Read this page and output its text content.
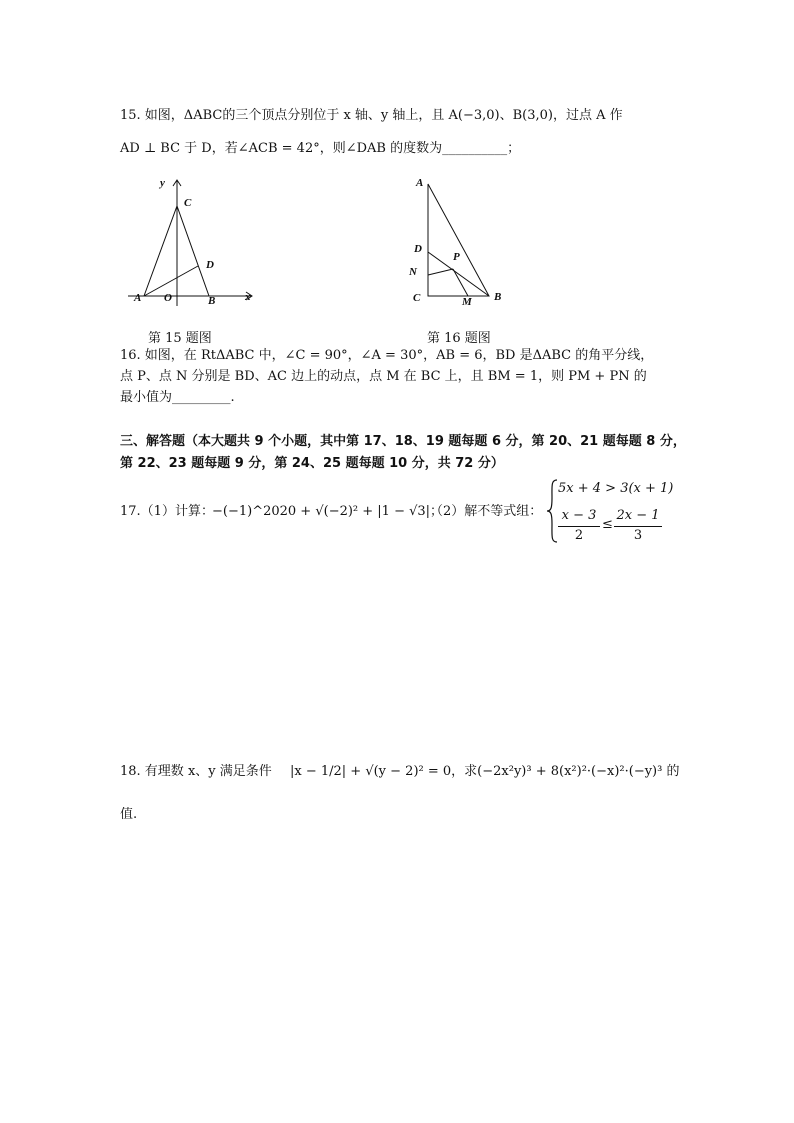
15. 如图，ΔABC的三个顶点分别位于 x 轴、y 轴上，且 A(−3,0)、B(3,0)，过点 A 作
AD ⊥ BC 于 D，若∠ACB = 42°，则∠DAB 的度数为__________；
y
x
C
D
A O	B
第 15 题图
A
D
P
N
C	M B
第 16 题图
16. 如图，在 RtΔABC 中，∠C = 90°，∠A = 30°，AB = 6，BD 是ΔABC 的角平分线，
点 P、点 N 分别是 BD、AC 边上的动点，点 M 在 BC 上，且 BM = 1，则 PM + PN 的
最小值为_________.
三、解答题（本大题共 9 个小题，其中第 17、18、19 题每题 6 分，第 20、21 题每题 8 分，
第 22、23 题每题 9 分，第 24、25 题每题 10 分，共 72 分）
17.（1）计算：
−(−1)^2020 + √(−2)² + |1 − √3|；
（2）解不等式组：
5x + 4 > 3(x + 1)
x − 3
2
≤
2x − 1
3
18. 有理数 x、y 满足条件 |x − 1/2| + √(y − 2)² = 0，求(−2x²y)³ + 8(x²)²·(−x)²·(−y)³ 的
值.
